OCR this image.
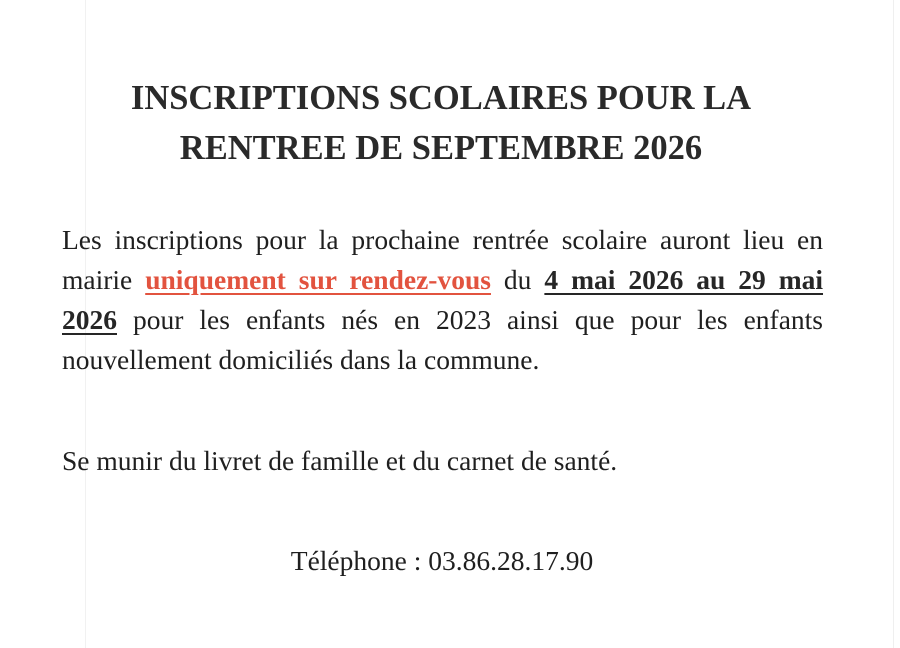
INSCRIPTIONS SCOLAIRES POUR LA
RENTREE DE SEPTEMBRE 2026

Les inscriptions pour la prochaine rentrée scolaire auront lieu en mairie uniquement sur rendez-vous du 4 mai 2026 au 29 mai 2026 pour les enfants nés en 2023 ainsi que pour les enfants nouvellement domiciliés dans la commune.

Se munir du livret de famille et du carnet de santé.

Téléphone : 03.86.28.17.90
